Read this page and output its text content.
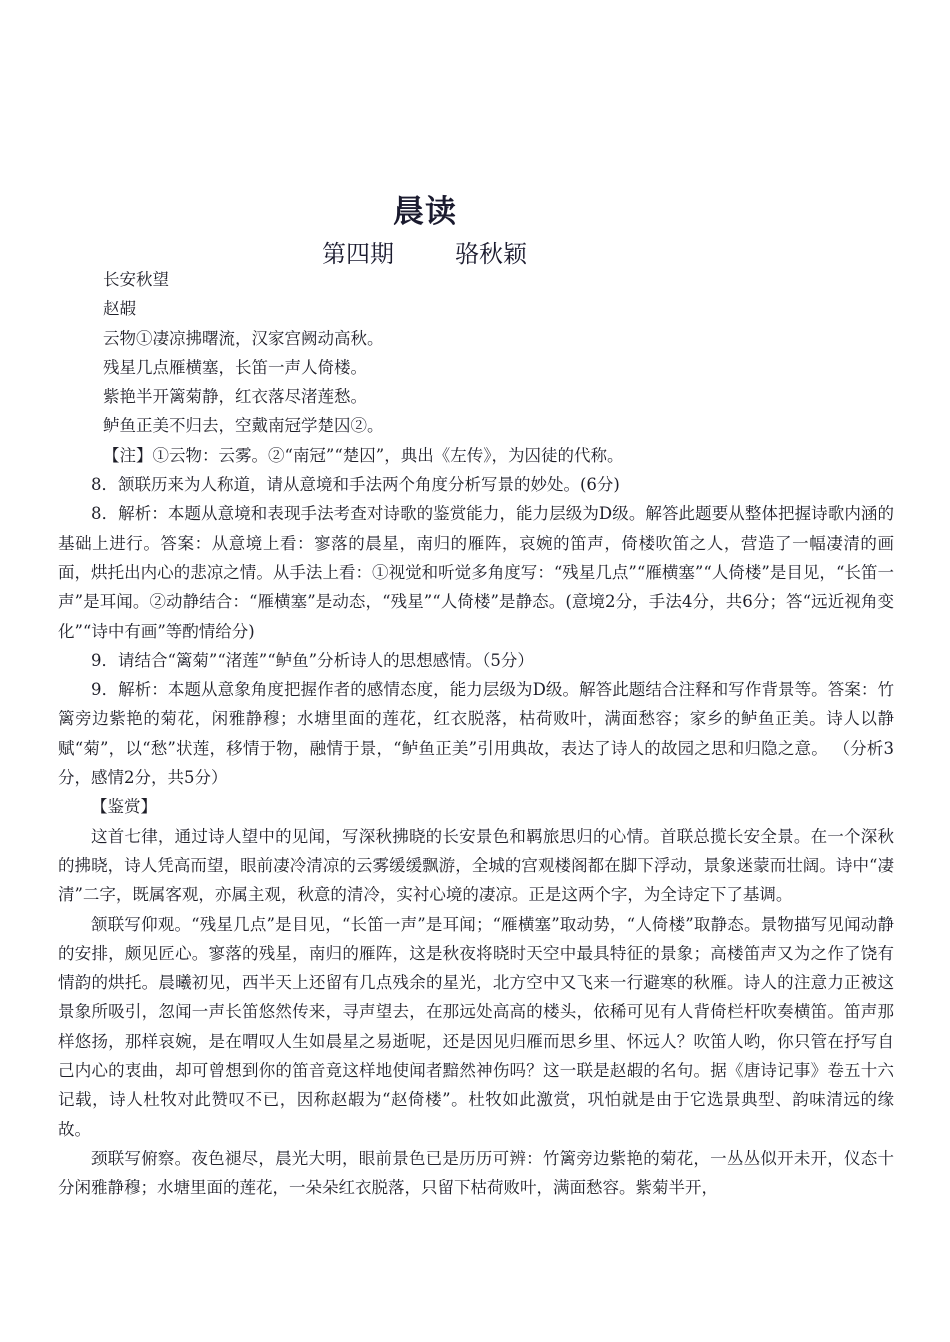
晨读
第四期        骆秋颖

长安秋望

赵嘏

云物①凄凉拂曙流，汉家宫阙动高秋。

残星几点雁横塞，长笛一声人倚楼。

紫艳半开篱菊静，红衣落尽渚莲愁。

鲈鱼正美不归去，空戴南冠学楚囚②。

【注】①云物：云雾。②“南冠”“楚囚”，典出《左传》，为囚徒的代称。

8．颔联历来为人称道，请从意境和手法两个角度分析写景的妙处。(6分)

8．解析：本题从意境和表现手法考查对诗歌的鉴赏能力，能力层级为D级。解答此题要从整体把握诗歌内涵的基础上进行。答案：从意境上看：寥落的晨星，南归的雁阵，哀婉的笛声，倚楼吹笛之人，营造了一幅凄清的画面，烘托出内心的悲凉之情。从手法上看：①视觉和听觉多角度写：“残星几点”“雁横塞”“人倚楼”是目见，“长笛一声”是耳闻。②动静结合：“雁横塞”是动态，“残星”“人倚楼”是静态。(意境2分，手法4分，共6分；答“远近视角变化”“诗中有画”等酌情给分)

9．请结合“篱菊”“渚莲”“鲈鱼”分析诗人的思想感情。（5分）

9．解析：本题从意象角度把握作者的感情态度，能力层级为D级。解答此题结合注释和写作背景等。答案：竹篱旁边紫艳的菊花，闲雅静穆；水塘里面的莲花，红衣脱落，枯荷败叶，满面愁容；家乡的鲈鱼正美。诗人以静赋“菊”，以“愁”状莲，移情于物，融情于景，“鲈鱼正美”引用典故，表达了诗人的故园之思和归隐之意。 （分析3分，感情2分，共5分）

【鉴赏】

这首七律，通过诗人望中的见闻，写深秋拂晓的长安景色和羁旅思归的心情。首联总揽长安全景。在一个深秋的拂晓，诗人凭高而望，眼前凄冷清凉的云雾缓缓飘游，全城的宫观楼阁都在脚下浮动，景象迷蒙而壮阔。诗中“凄清”二字，既属客观，亦属主观，秋意的清冷，实衬心境的凄凉。正是这两个字，为全诗定下了基调。

颔联写仰观。“残星几点”是目见，“长笛一声”是耳闻；“雁横塞”取动势，“人倚楼”取静态。景物描写见闻动静的安排，颇见匠心。寥落的残星，南归的雁阵，这是秋夜将晓时天空中最具特征的景象；高楼笛声又为之作了饶有情韵的烘托。晨曦初见，西半天上还留有几点残余的星光，北方空中又飞来一行避寒的秋雁。诗人的注意力正被这景象所吸引，忽闻一声长笛悠然传来，寻声望去，在那远处高高的楼头，依稀可见有人背倚栏杆吹奏横笛。笛声那样悠扬，那样哀婉，是在喟叹人生如晨星之易逝呢，还是因见归雁而思乡里、怀远人？吹笛人哟，你只管在抒写自己内心的衷曲，却可曾想到你的笛音竟这样地使闻者黯然神伤吗？这一联是赵嘏的名句。据《唐诗记事》卷五十六记载，诗人杜牧对此赞叹不已，因称赵嘏为“赵倚楼”。杜牧如此激赏，巩怕就是由于它选景典型、韵味清远的缘故。

颈联写俯察。夜色褪尽，晨光大明，眼前景色已是历历可辨：竹篱旁边紫艳的菊花，一丛丛似开未开，仪态十分闲雅静穆；水塘里面的莲花，一朵朵红衣脱落，只留下枯荷败叶，满面愁容。紫菊半开，
